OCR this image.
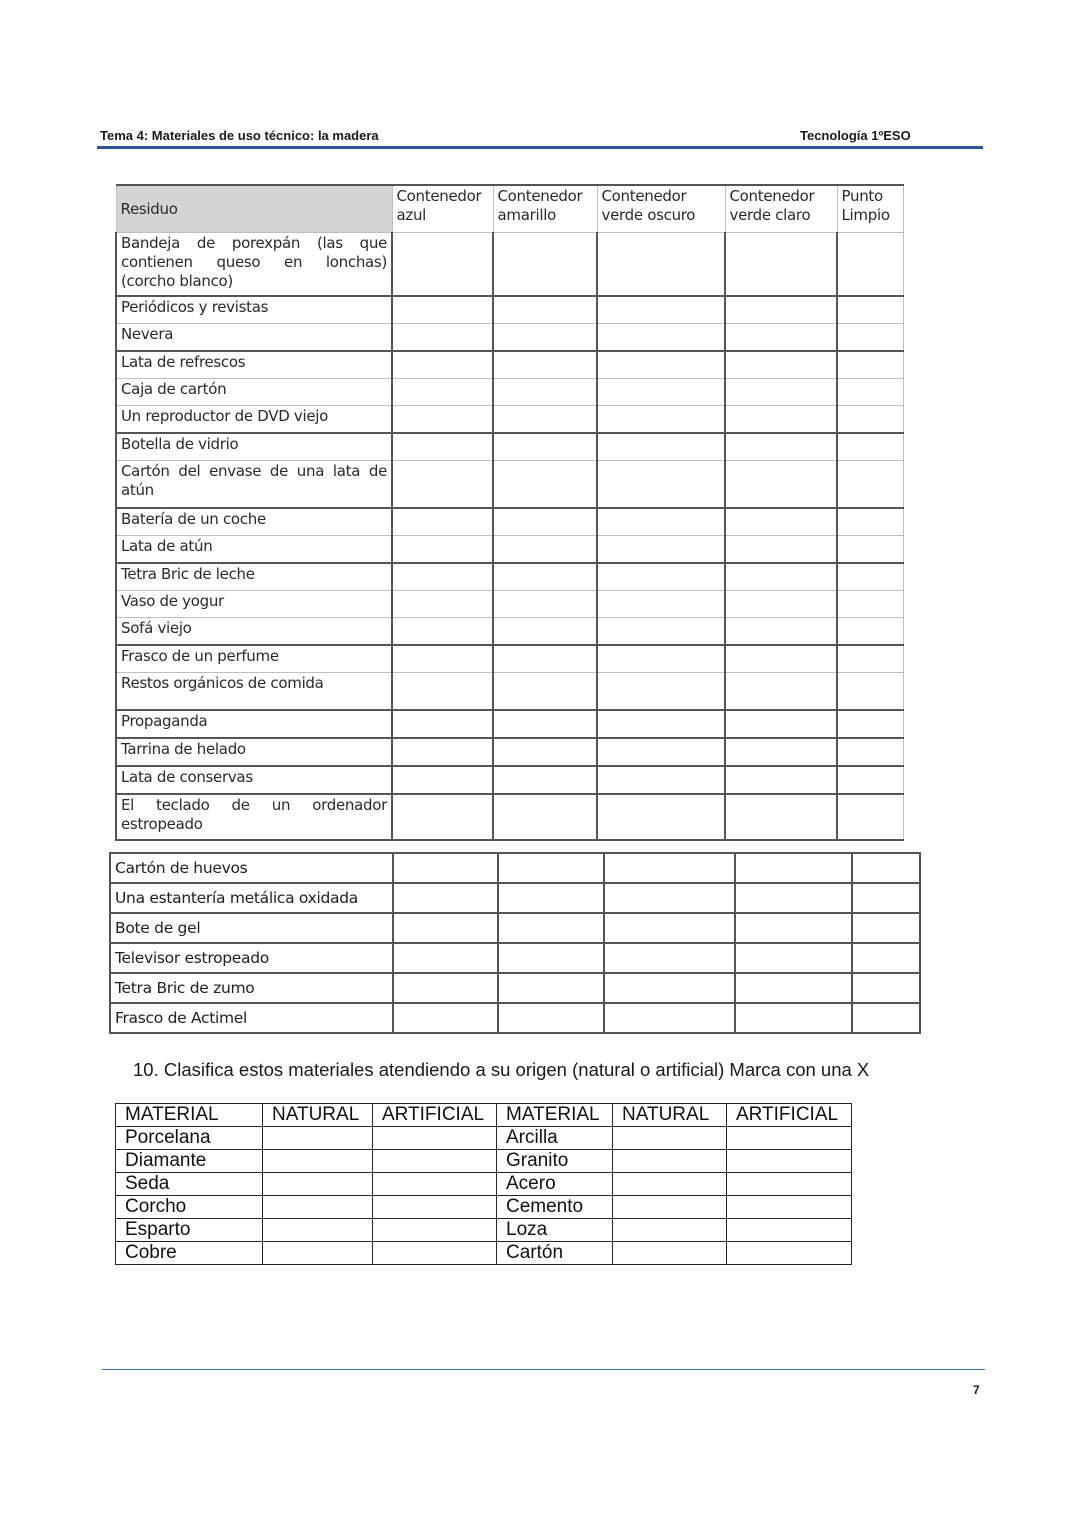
Tema 4: Materiales de uso técnico: la madera	Tecnología 1ºESO
Residuo	Contenedor azul	Contenedor amarillo	Contenedor verde oscuro	Contenedor verde claro	Punto Limpio
Bandeja de porexpán (las que contienen queso en lonchas) (corcho blanco)					
Periódicos y revistas					
Nevera					
Lata de refrescos					
Caja de cartón					
Un reproductor de DVD viejo					
Botella de vidrio					
Cartón del envase de una lata de atún					
Batería de un coche					
Lata de atún					
Tetra Bric de leche					
Vaso de yogur					
Sofá viejo					
Frasco de un perfume					
Restos orgánicos de comida					
Propaganda					
Tarrina de helado					
Lata de conservas					
El teclado de un ordenador estropeado					
Cartón de huevos					
Una estantería metálica oxidada					
Bote de gel					
Televisor estropeado					
Tetra Bric de zumo					
Frasco de Actimel					
10. Clasifica estos materiales atendiendo a su origen (natural o artificial) Marca con una X
MATERIAL	NATURAL	ARTIFICIAL	MATERIAL	NATURAL	ARTIFICIAL
Porcelana			Arcilla		
Diamante			Granito		
Seda			Acero		
Corcho			Cemento		
Esparto			Loza		
Cobre			Cartón		
7
